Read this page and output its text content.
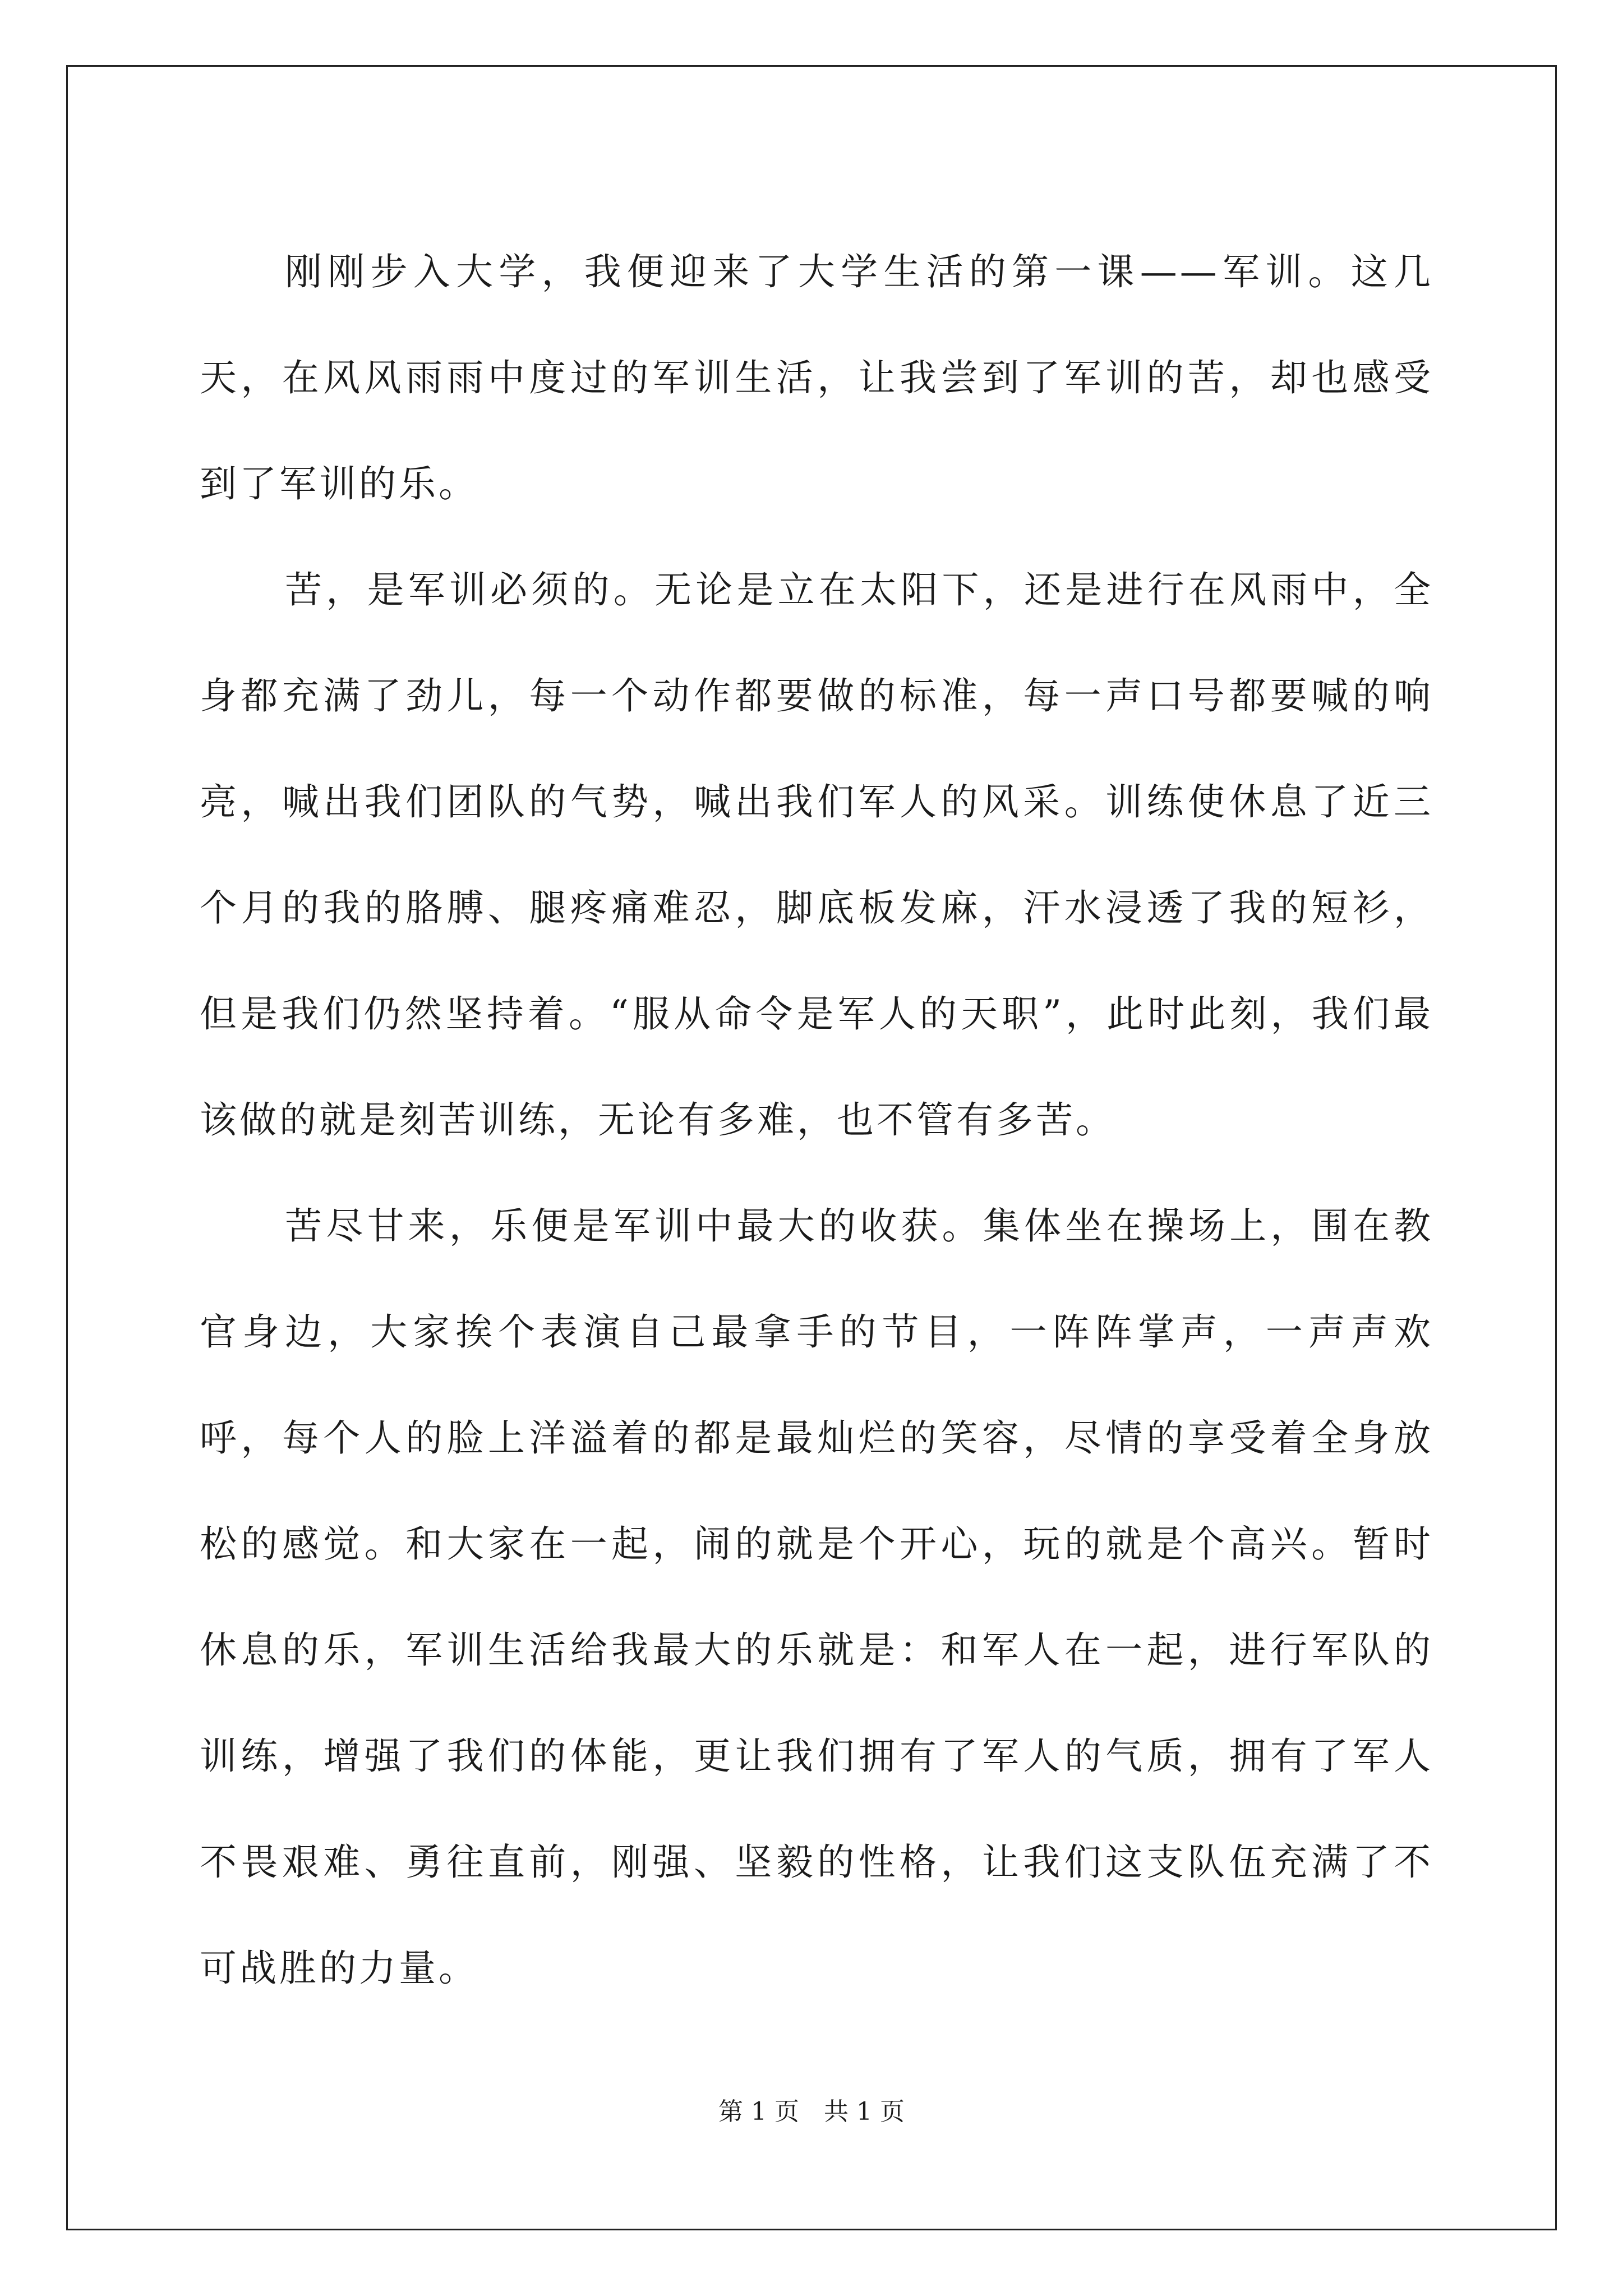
刚刚步入大学，我便迎来了大学生活的第一课——军训。这几天，在风风雨雨中度过的军训生活，让我尝到了军训的苦，却也感受到了军训的乐。

苦，是军训必须的。无论是立在太阳下，还是进行在风雨中，全身都充满了劲儿，每一个动作都要做的标准，每一声口号都要喊的响亮，喊出我们团队的气势，喊出我们军人的风采。训练使休息了近三个月的我的胳膊、腿疼痛难忍，脚底板发麻，汗水浸透了我的短衫，但是我们仍然坚持着。“服从命令是军人的天职”，此时此刻，我们最该做的就是刻苦训练，无论有多难，也不管有多苦。

苦尽甘来，乐便是军训中最大的收获。集体坐在操场上，围在教官身边，大家挨个表演自己最拿手的节目，一阵阵掌声，一声声欢呼，每个人的脸上洋溢着的都是最灿烂的笑容，尽情的享受着全身放松的感觉。和大家在一起，闹的就是个开心，玩的就是个高兴。暂时休息的乐，军训生活给我最大的乐就是：和军人在一起，进行军队的训练，增强了我们的体能，更让我们拥有了军人的气质，拥有了军人不畏艰难、勇往直前，刚强、坚毅的性格，让我们这支队伍充满了不可战胜的力量。

第 1 页 共 1 页
